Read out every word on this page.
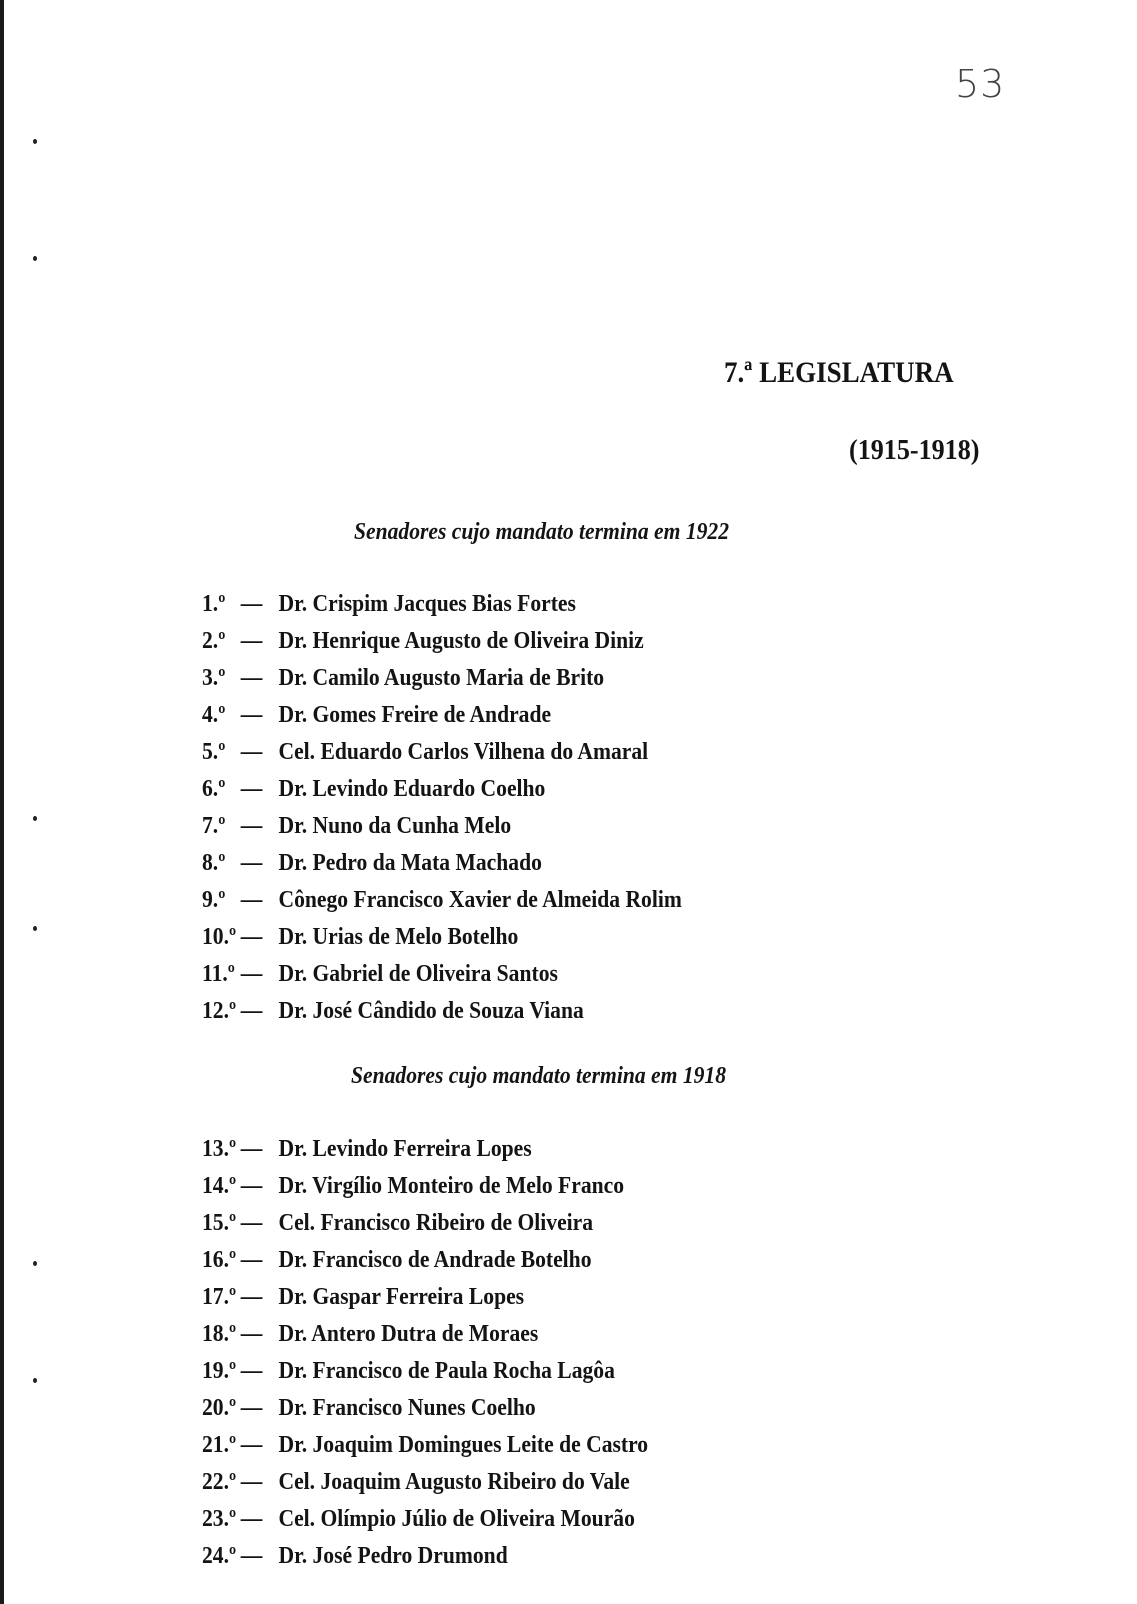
53
7.ª LEGISLATURA
(1915-1918)
Senadores cujo mandato termina em 1922
1.º — Dr. Crispim Jacques Bias Fortes
2.º — Dr. Henrique Augusto de Oliveira Diniz
3.º — Dr. Camilo Augusto Maria de Brito
4.º — Dr. Gomes Freire de Andrade
5.º — Cel. Eduardo Carlos Vilhena do Amaral
6.º — Dr. Levindo Eduardo Coelho
7.º — Dr. Nuno da Cunha Melo
8.º — Dr. Pedro da Mata Machado
9.º — Cônego Francisco Xavier de Almeida Rolim
10.º — Dr. Urias de Melo Botelho
11.º — Dr. Gabriel de Oliveira Santos
12.º — Dr. José Cândido de Souza Viana
Senadores cujo mandato termina em 1918
13.º — Dr. Levindo Ferreira Lopes
14.º — Dr. Virgílio Monteiro de Melo Franco
15.º — Cel. Francisco Ribeiro de Oliveira
16.º — Dr. Francisco de Andrade Botelho
17.º — Dr. Gaspar Ferreira Lopes
18.º — Dr. Antero Dutra de Moraes
19.º — Dr. Francisco de Paula Rocha Lagôa
20.º — Dr. Francisco Nunes Coelho
21.º — Dr. Joaquim Domingues Leite de Castro
22.º — Cel. Joaquim Augusto Ribeiro do Vale
23.º — Cel. Olímpio Júlio de Oliveira Mourão
24.º — Dr. José Pedro Drumond
